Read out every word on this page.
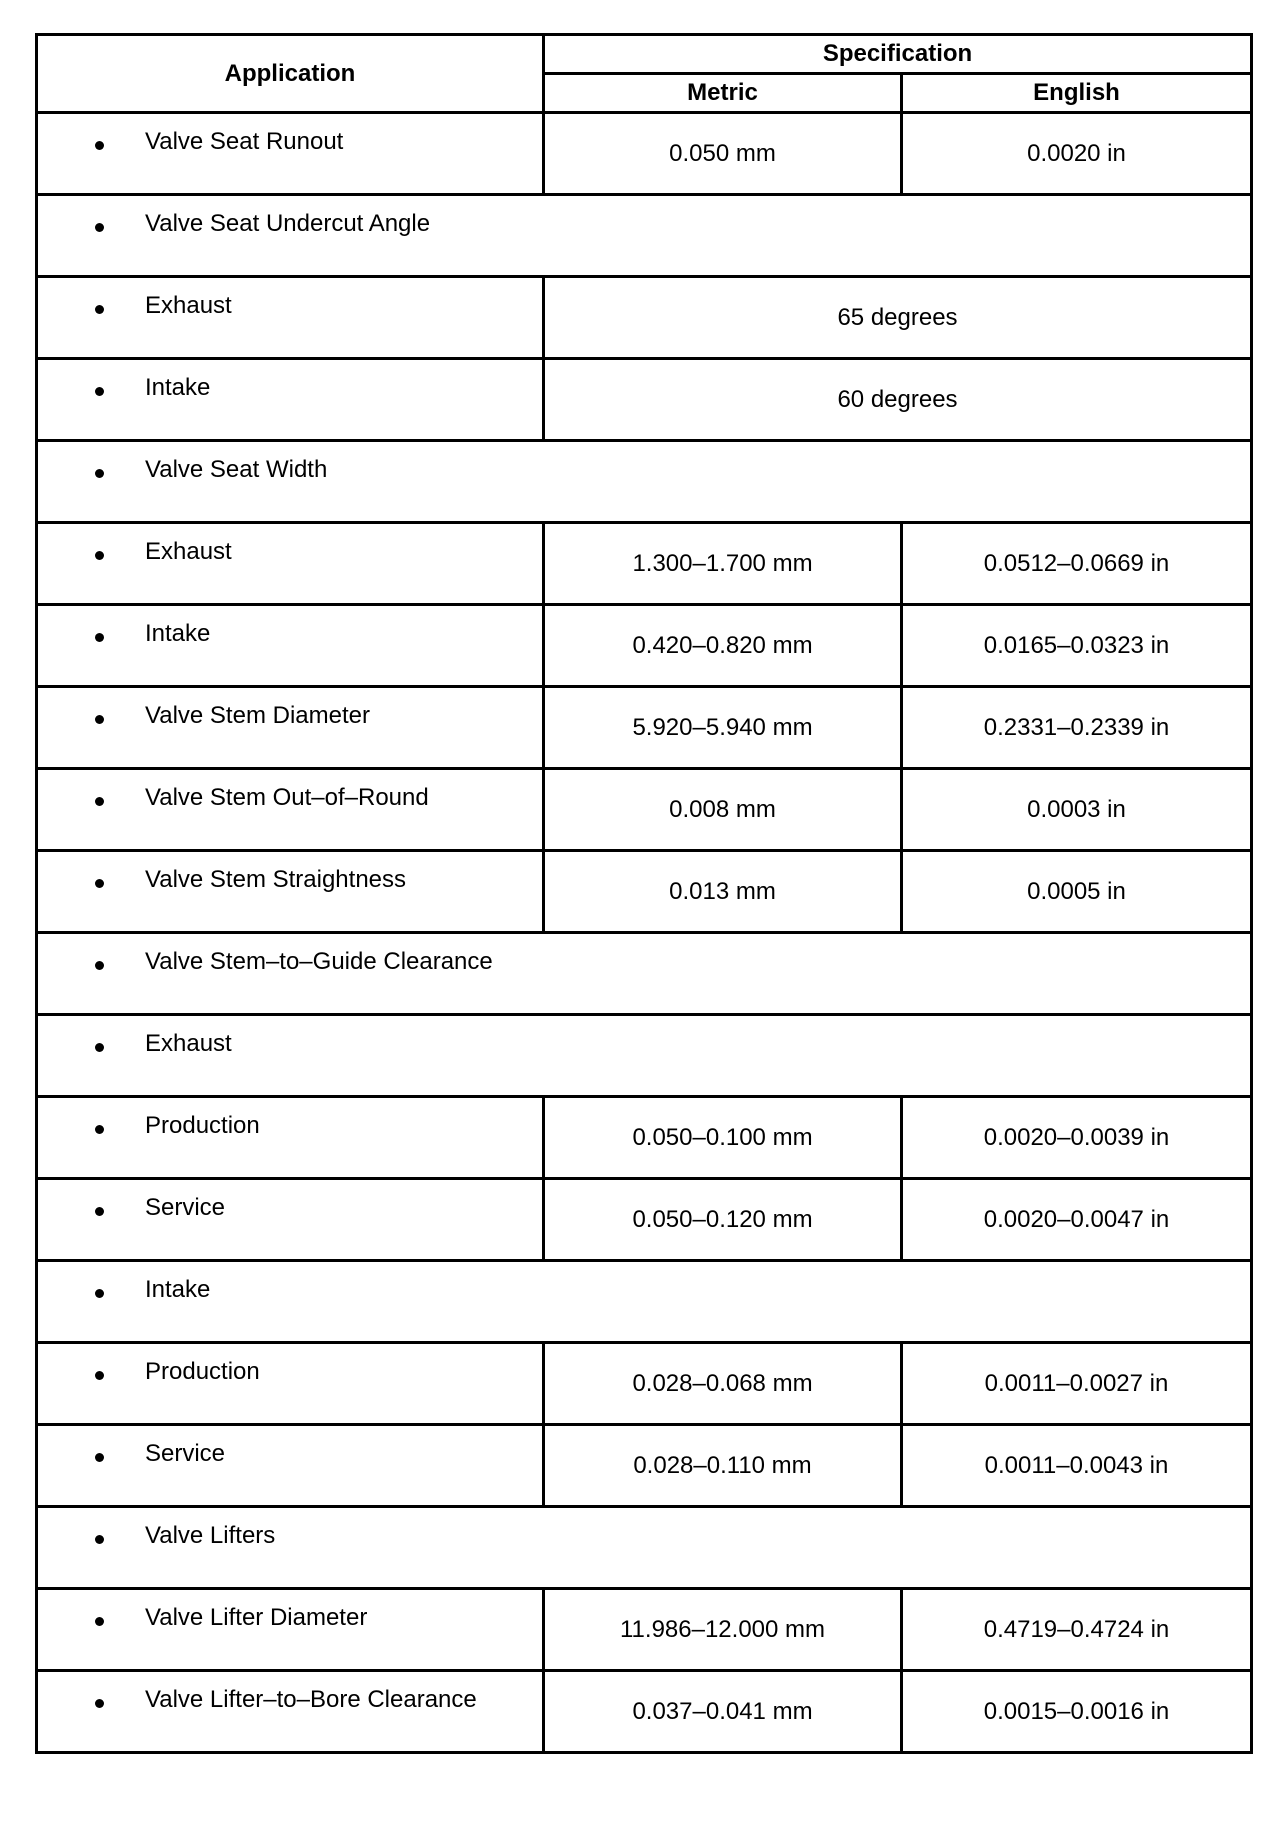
Application	Specification	
	Metric	English

Valve Seat Runout	0.050 mm	0.0020 in

Valve Seat Undercut Angle		

Exhaust	65 degrees	

Intake	60 degrees	

Valve Seat Width		

Exhaust	1.300–1.700 mm	0.0512–0.0669 in

Intake	0.420–0.820 mm	0.0165–0.0323 in

Valve Stem Diameter	5.920–5.940 mm	0.2331–0.2339 in

Valve Stem Out–of–Round	0.008 mm	0.0003 in

Valve Stem Straightness	0.013 mm	0.0005 in

Valve Stem–to–Guide Clearance		

Exhaust		

Production	0.050–0.100 mm	0.0020–0.0039 in

Service	0.050–0.120 mm	0.0020–0.0047 in

Intake		

Production	0.028–0.068 mm	0.0011–0.0027 in

Service	0.028–0.110 mm	0.0011–0.0043 in

Valve Lifters		

Valve Lifter Diameter	11.986–12.000 mm	0.4719–0.4724 in

Valve Lifter–to–Bore Clearance	0.037–0.041 mm	0.0015–0.0016 in
